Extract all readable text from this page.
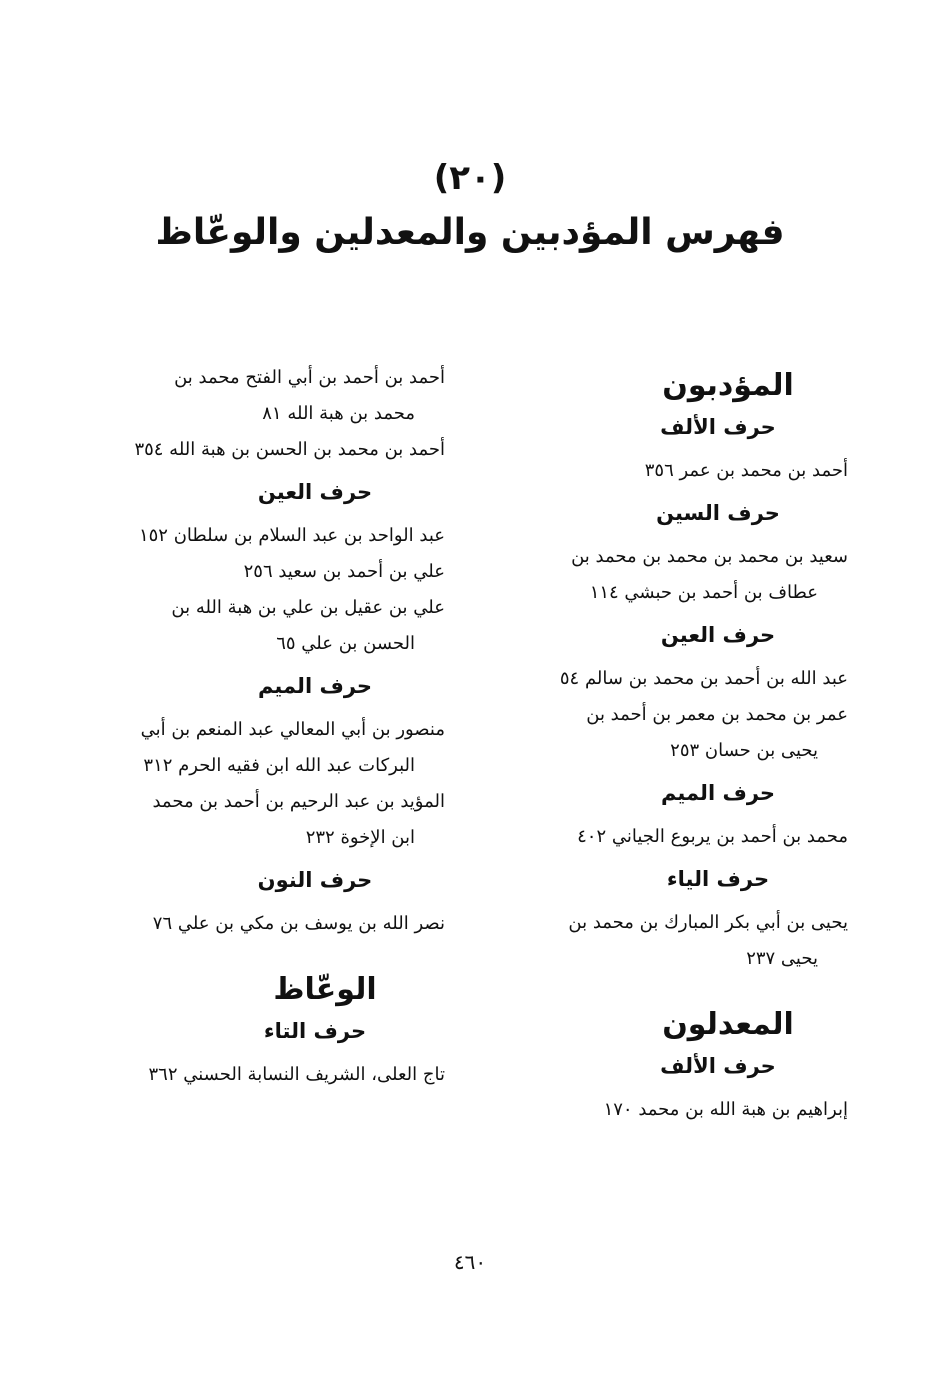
(٢٠)
فهرس المؤدبين والمعدلين والوعّاظ
المؤدبون
حرف الألف
أحمد بن محمد بن عمر ٣٥٦
حرف السين
سعيد بن محمد بن محمد بن محمد بن
عطاف بن أحمد بن حبشي ١١٤
حرف العين
عبد الله بن أحمد بن محمد بن سالم ٥٤
عمر بن محمد بن معمر بن أحمد بن
يحيى بن حسان ٢٥٣
حرف الميم
محمد بن أحمد بن يربوع الجياني ٤٠٢
حرف الياء
يحيى بن أبي بكر المبارك بن محمد بن
يحيى ٢٣٧
المعدلون
حرف الألف
إبراهيم بن هبة الله بن محمد ١٧٠
أحمد بن أحمد بن أبي الفتح محمد بن
محمد بن هبة الله ٨١
أحمد بن محمد بن الحسن بن هبة الله ٣٥٤
حرف العين
عبد الواحد بن عبد السلام بن سلطان ١٥٢
علي بن أحمد بن سعيد ٢٥٦
علي بن عقيل بن علي بن هبة الله بن
الحسن بن علي ٦٥
حرف الميم
منصور بن أبي المعالي عبد المنعم بن أبي
البركات عبد الله ابن فقيه الحرم ٣١٢
المؤيد بن عبد الرحيم بن أحمد بن محمد
ابن الإخوة ٢٣٢
حرف النون
نصر الله بن يوسف بن مكي بن علي ٧٦
الوعّاظ
حرف التاء
تاج العلى، الشريف النسابة الحسني ٣٦٢
٤٦٠
